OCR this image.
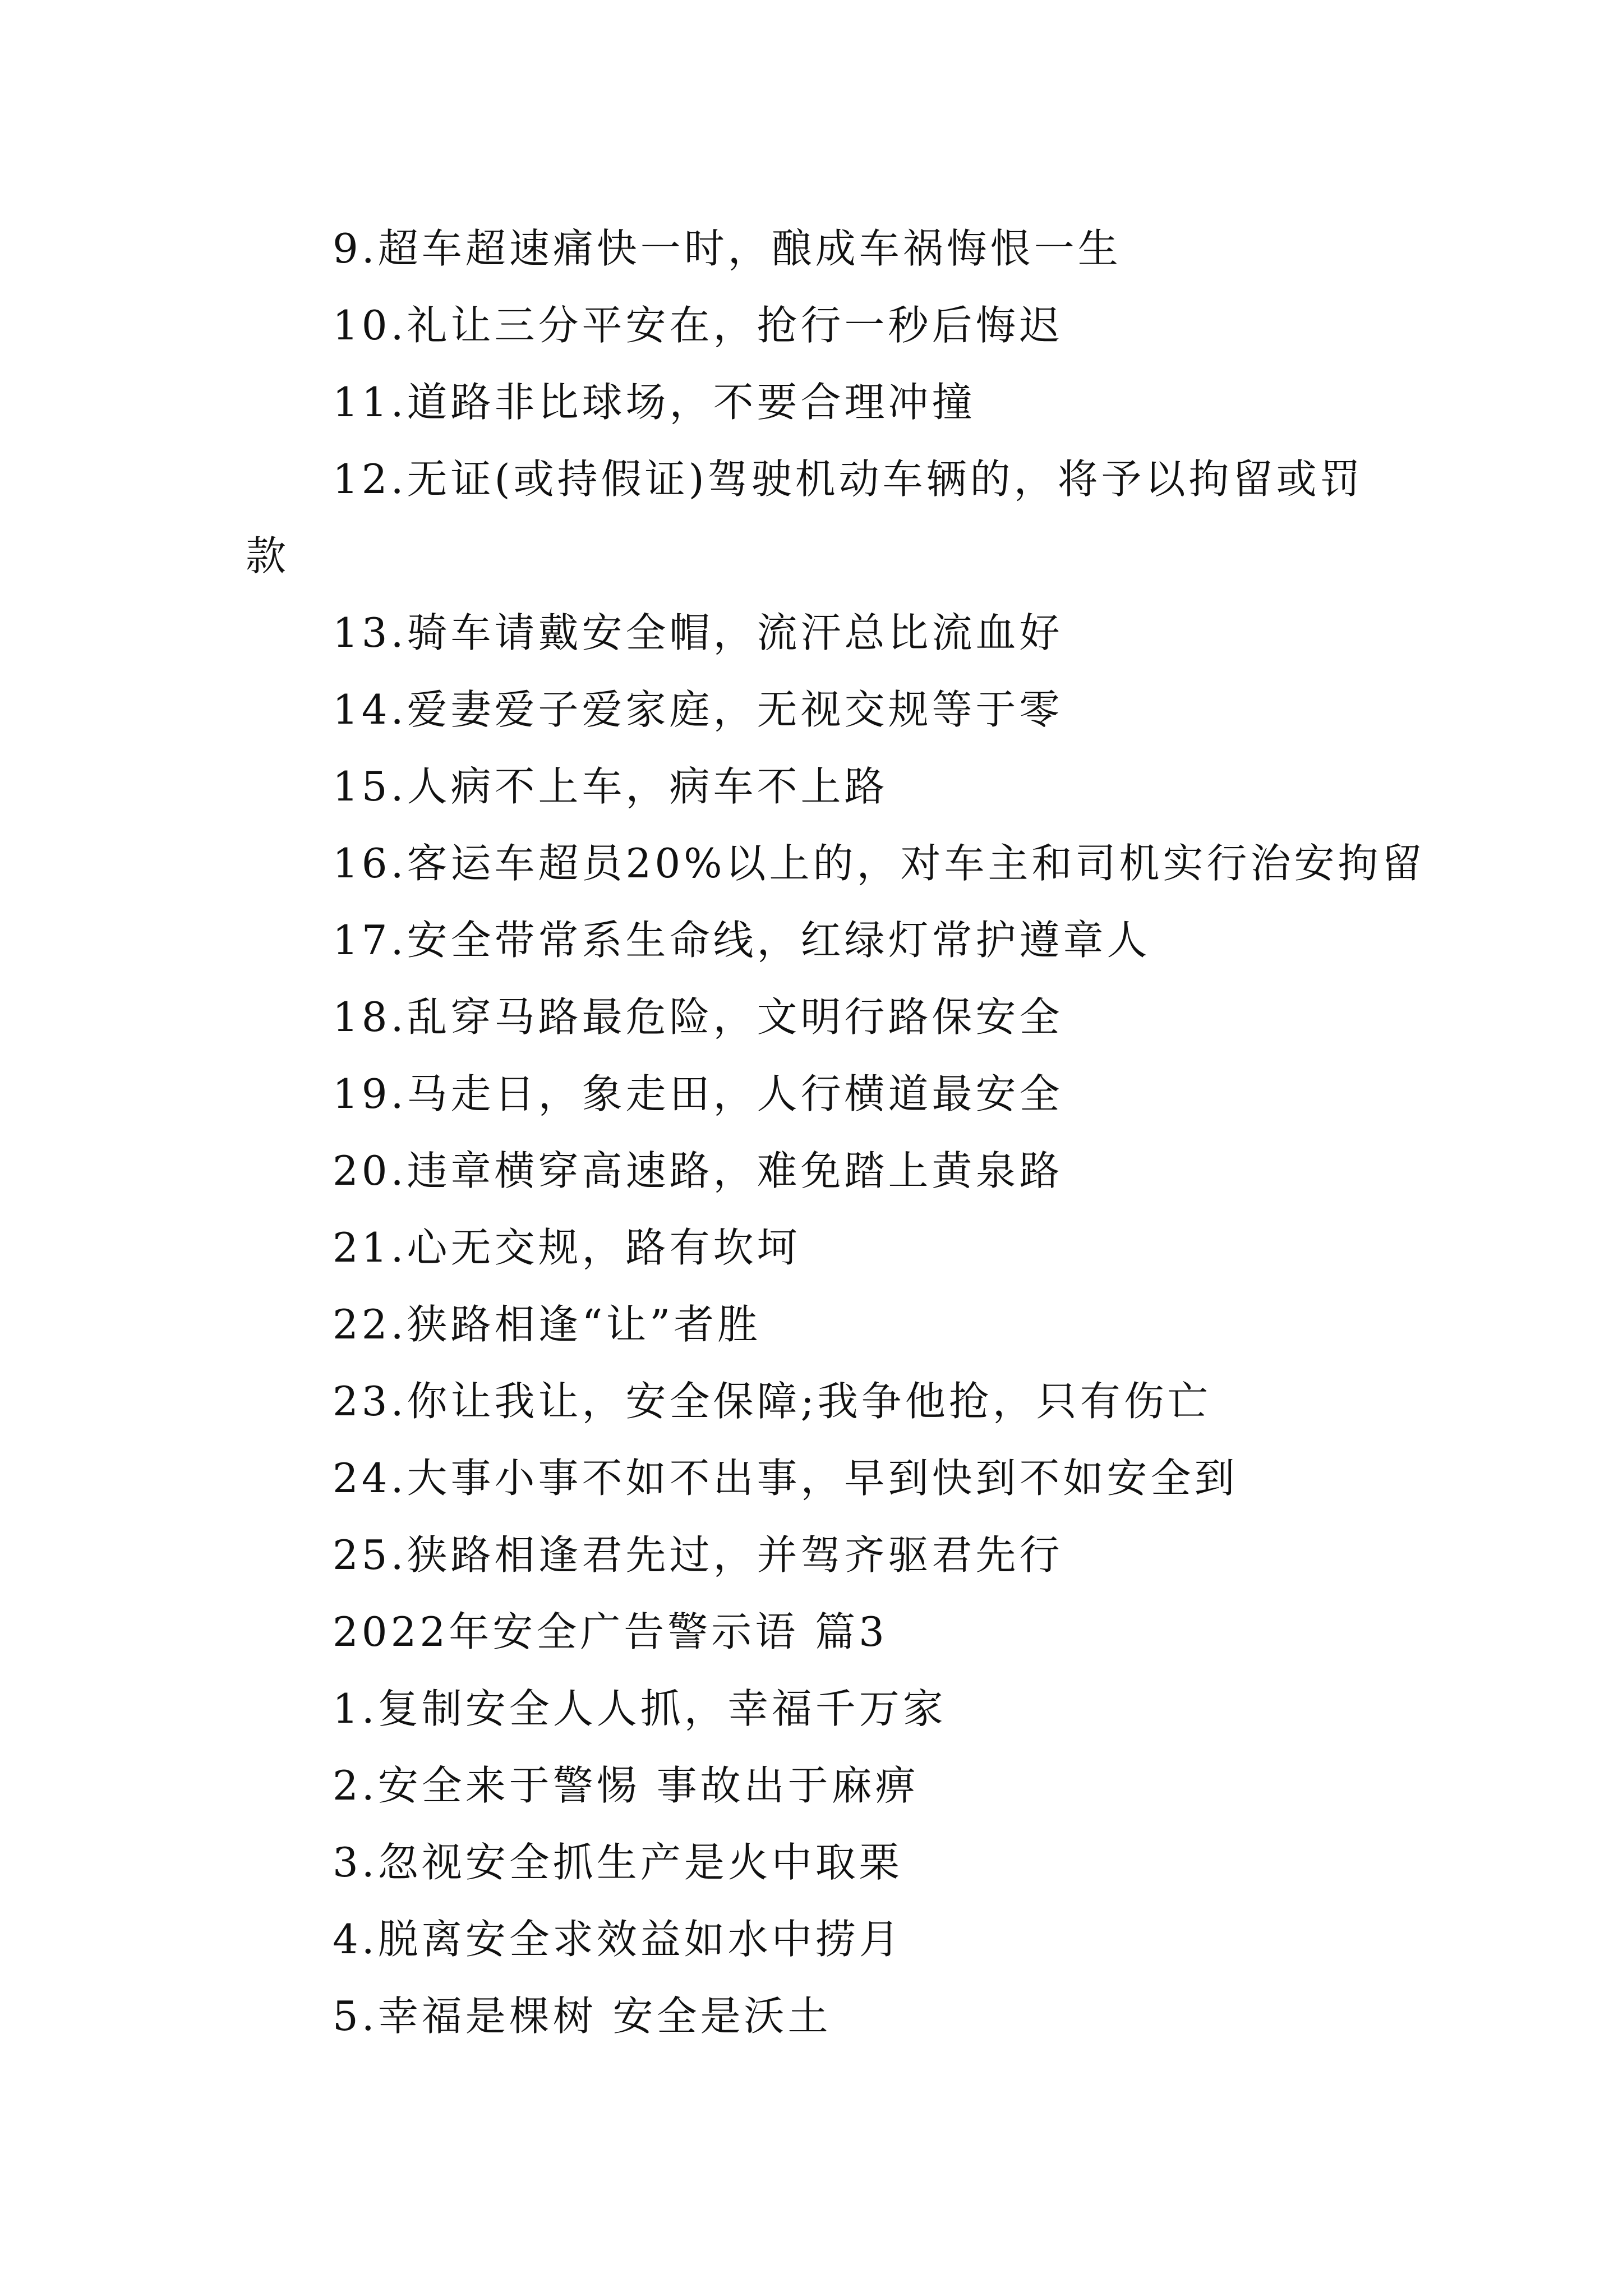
9.超车超速痛快一时，酿成车祸悔恨一生
10.礼让三分平安在，抢行一秒后悔迟
11.道路非比球场，不要合理冲撞
12.无证(或持假证)驾驶机动车辆的，将予以拘留或罚
款
13.骑车请戴安全帽，流汗总比流血好
14.爱妻爱子爱家庭，无视交规等于零
15.人病不上车，病车不上路
16.客运车超员20%以上的，对车主和司机实行治安拘留
17.安全带常系生命线，红绿灯常护遵章人
18.乱穿马路最危险，文明行路保安全
19.马走日，象走田，人行横道最安全
20.违章横穿高速路，难免踏上黄泉路
21.心无交规，路有坎坷
22.狭路相逢“让”者胜
23.你让我让，安全保障;我争他抢，只有伤亡
24.大事小事不如不出事，早到快到不如安全到
25.狭路相逢君先过，并驾齐驱君先行
2022年安全广告警示语 篇3
1.复制安全人人抓，幸福千万家
2.安全来于警惕 事故出于麻痹
3.忽视安全抓生产是火中取栗
4.脱离安全求效益如水中捞月
5.幸福是棵树 安全是沃土
